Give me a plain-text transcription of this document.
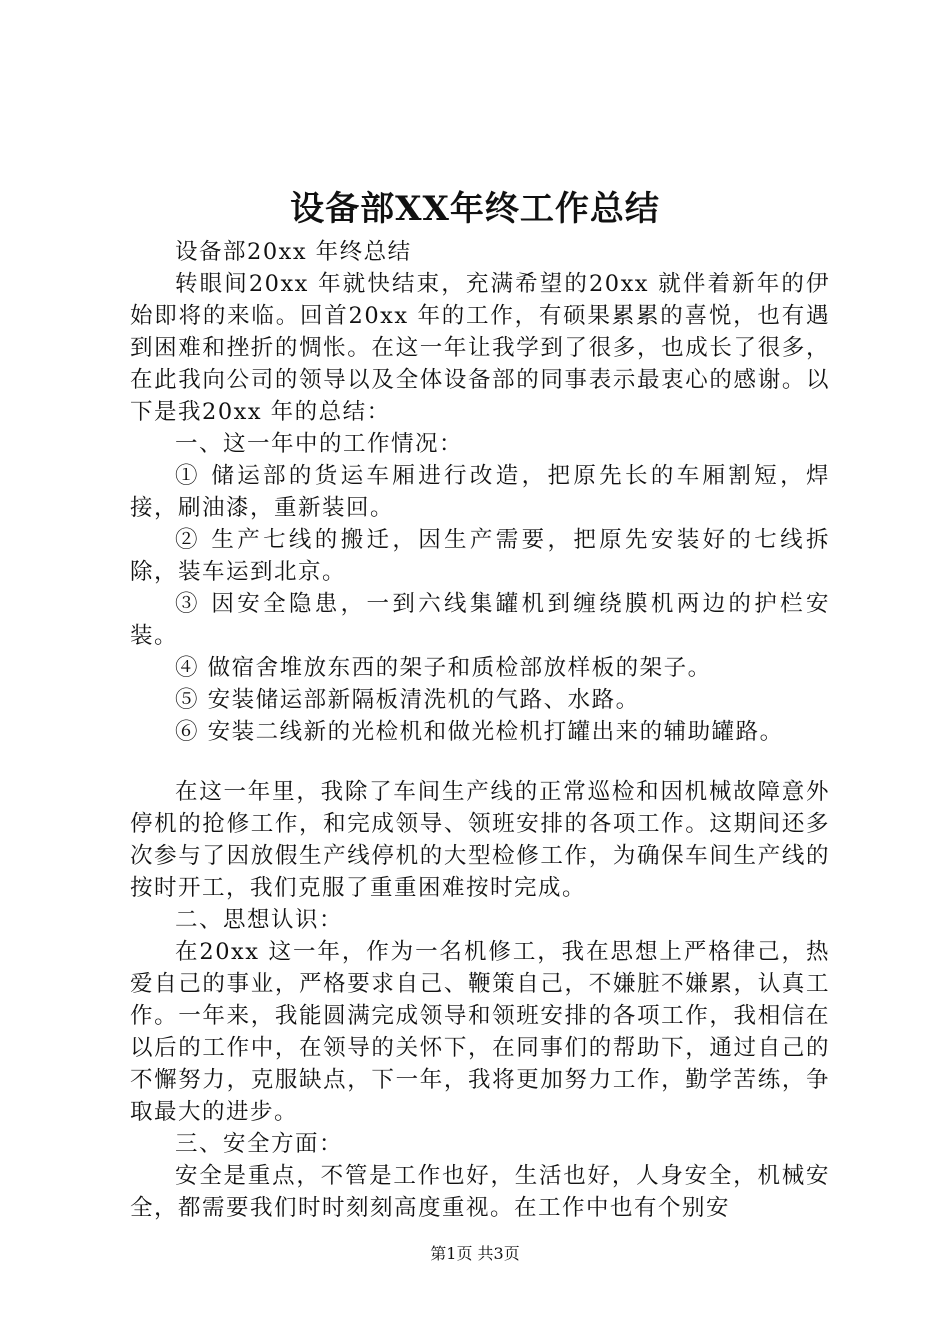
设备部XX年终工作总结

设备部20xx 年终总结

转眼间20xx 年就快结束，充满希望的20xx 就伴着新年的伊始即将的来临。回首20xx 年的工作，有硕果累累的喜悦，也有遇到困难和挫折的惆怅。在这一年让我学到了很多，也成长了很多，在此我向公司的领导以及全体设备部的同事表示最衷心的感谢。以下是我20xx 年的总结：

一、这一年中的工作情况：

① 储运部的货运车厢进行改造，把原先长的车厢割短，焊接，刷油漆，重新装回。

② 生产七线的搬迁，因生产需要，把原先安装好的七线拆除，装车运到北京。

③ 因安全隐患，一到六线集罐机到缠绕膜机两边的护栏安装。

④ 做宿舍堆放东西的架子和质检部放样板的架子。

⑤ 安装储运部新隔板清洗机的气路、水路。

⑥ 安装二线新的光检机和做光检机打罐出来的辅助罐路。

在这一年里，我除了车间生产线的正常巡检和因机械故障意外停机的抢修工作，和完成领导、领班安排的各项工作。这期间还多次参与了因放假生产线停机的大型检修工作，为确保车间生产线的按时开工，我们克服了重重困难按时完成。

二、思想认识：

在20xx 这一年，作为一名机修工，我在思想上严格律己，热爱自己的事业，严格要求自己、鞭策自己，不嫌脏不嫌累，认真工作。一年来，我能圆满完成领导和领班安排的各项工作，我相信在以后的工作中，在领导的关怀下，在同事们的帮助下，通过自己的不懈努力，克服缺点，下一年，我将更加努力工作，勤学苦练，争取最大的进步。

三、安全方面：

安全是重点，不管是工作也好，生活也好，人身安全，机械安全，都需要我们时时刻刻高度重视。在工作中也有个别安

第1页 共3页
